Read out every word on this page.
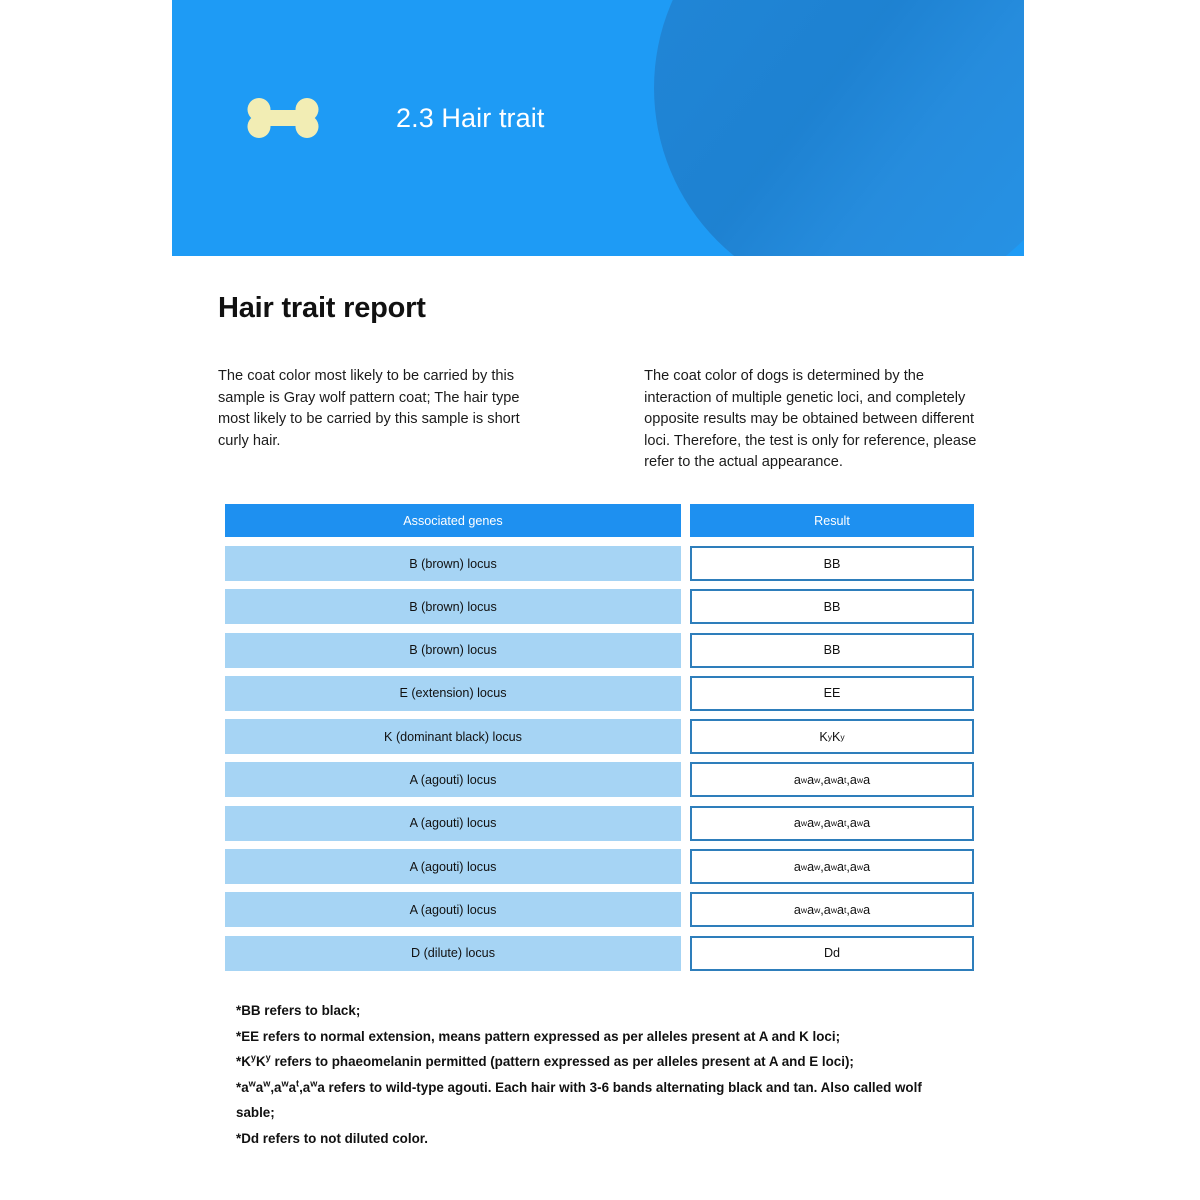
2.3 Hair trait
Hair trait report

The coat color most likely to be carried by this sample is Gray wolf pattern coat; The hair type most likely to be carried by this sample is short curly hair.

The coat color of dogs is determined by the interaction of multiple genetic loci, and completely opposite results may be obtained between different loci. Therefore, the test is only for reference, please refer to the actual appearance.

Associated genes	Result
B (brown) locus	BB
B (brown) locus	BB
B (brown) locus	BB
E (extension) locus	EE
K (dominant black) locus	K y K y
A (agouti) locus	a w a w ,a w a t ,a w a
A (agouti) locus	a w a w ,a w a t ,a w a
A (agouti) locus	a w a w ,a w a t ,a w a
A (agouti) locus	a w a w ,a w a t ,a w a
D (dilute) locus	Dd

*BB refers to black;

*EE refers to normal extension, means pattern expressed as per alleles present at A and K loci;

$*K^yK^y$ refers to phaeomelanin permitted (pattern expressed as per alleles present at A and E loci);

$*a^wa^w,a^wa^t,a^wa$ refers to wild-type agouti. Each hair with 3-6 bands alternating black and tan. Also called wolf sable;

*Dd refers to not diluted color.
